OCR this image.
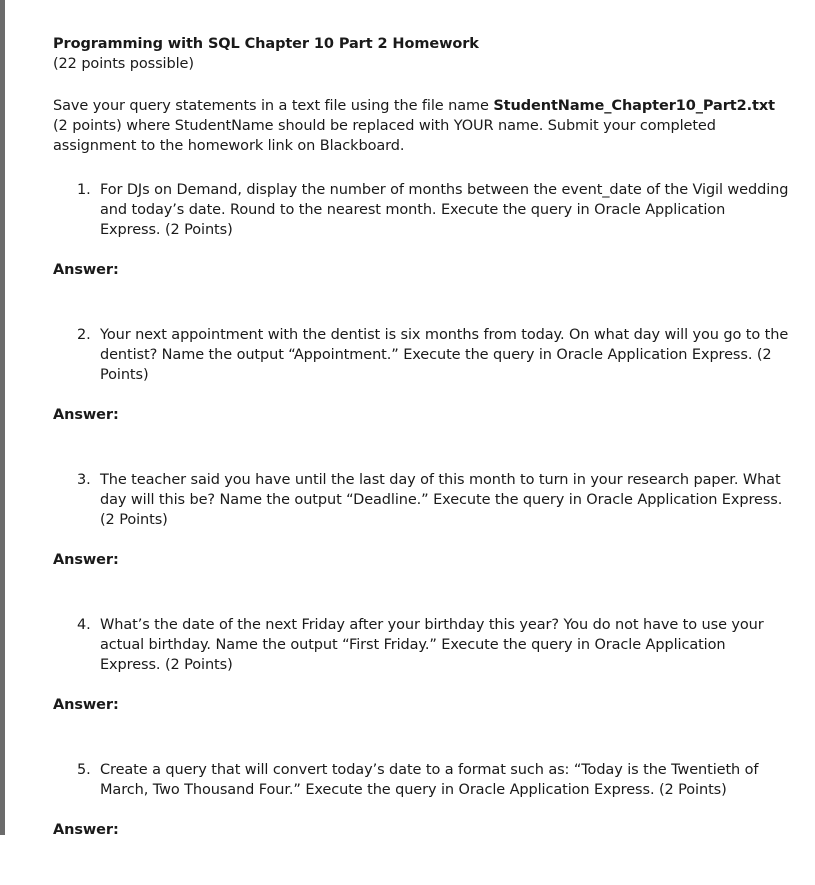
Programming with SQL Chapter 10 Part 2 Homework

(22 points possible)

Save your query statements in a text file using the file name StudentName_Chapter10_Part2.txt (2 points) where StudentName should be replaced with YOUR name. Submit your completed assignment to the homework link on Blackboard.

1. For DJs on Demand, display the number of months between the event_date of the Vigil wedding and today’s date. Round to the nearest month. Execute the query in Oracle Application Express. (2 Points)

Answer:

2. Your next appointment with the dentist is six months from today. On what day will you go to the dentist? Name the output “Appointment.” Execute the query in Oracle Application Express. (2 Points)

Answer:

3. The teacher said you have until the last day of this month to turn in your research paper. What day will this be? Name the output “Deadline.” Execute the query in Oracle Application Express. (2 Points)

Answer:

4. What’s the date of the next Friday after your birthday this year? You do not have to use your actual birthday. Name the output “First Friday.” Execute the query in Oracle Application Express. (2 Points)

Answer:

5. Create a query that will convert today’s date to a format such as: “Today is the Twentieth of March, Two Thousand Four.” Execute the query in Oracle Application Express. (2 Points)

Answer:
